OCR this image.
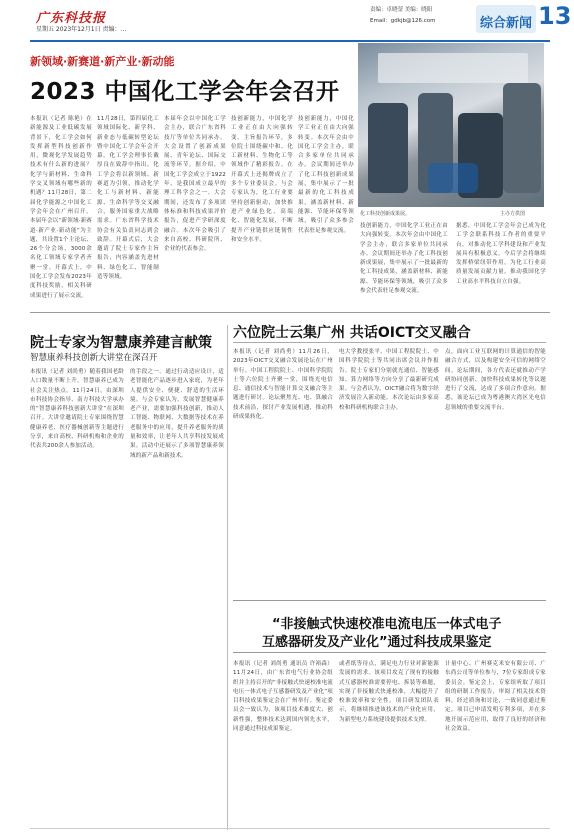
广东科技报
星期五 2023年12月1日 责编：…
责编：卓晓蓥 美编：晓阳
Email：gdkjb@126.com	综合新闻 13
新领域·新赛道·新产业·新动能
2023 中国化工学会年会召开
化工科技创新成果展。	主办方供图
本报讯（记者 陈艳）在新能源及工业低碳发展背景下，化工学会如何发挥新型科技创新作用，微观化学发展趋势技术有什么新的进展？化学与新材料、生命科学交叉领域有哪些新的机遇？11月28日，第二届化学能源之中国化工学会年会在广州召开。本届年会以“新领域·新赛道·新产业·新动能”为主题，共设置1个主论坛、26个分会场，3000余名化工领域专家学者齐聚一堂。开幕式上，中国化工学会发布2023年度科技奖励，相关科研成果进行了展示交流。
11月28日，第四届化工领域国际化、新学科、新业态与低碳转型论坛暨中国化工学会年会开幕。化工学会理事长戴厚良在致辞中指出，化工学会将以新领域、新赛道为引领，推动化学化工与新材料、新能源、生命科学等交叉融合，服务国家重大战略需求。广东省科学技术协会有关负责同志到会致辞。开幕式后，大会邀请了院士专家作主旨报告，内容涵盖先进材料、绿色化工、智能制造等领域。
本届年会以中国化工学会主办，联合广东省科技厅等单位共同承办。大会设置了创新成果展、青年论坛、国际交流等环节。据介绍，中国化工学会成立于1922年，是我国成立最早的理工科学会之一。大会期间，还发布了多项团体标准和科技成果评价报告，促进产学研深度融合。本次年会吸引了来自高校、科研院所、企业的代表参会。
技创新能力，中国化学工业正在由大向强转变。主旨报告环节，多位院士围绕碳中和、化工新材料、生物化工等领域作了精彩报告。在开幕式上还揭牌成立了多个专业委员会。与会专家认为，化工行业要坚持创新驱动，加快推进产业绿色化、高端化、智能化发展，不断提升产业链供应链韧性和安全水平。
技创新能力，中国化学工业正在由大向强转变。本次年会由中国化工学会主办，联合多家单位共同承办。会议期间还举办了化工科技创新成果展，集中展示了一批最新的化工科技成果，涵盖新材料、新能源、节能环保等领域，吸引了众多参会代表驻足参观交流。
技创新能力，中国化学工业正在由大向强转变。本次年会由中国化工学会主办，联合多家单位共同承办。会议期间还举办了化工科技创新成果展，集中展示了一批最新的化工科技成果，涵盖新材料、新能源、节能环保等领域，吸引了众多参会代表驻足参观交流。
据悉，中国化工学会年会已成为化工学会联系科技工作者的重要平台，对推动化工学科建设和产业发展具有积极意义。今后学会将继续发挥桥梁纽带作用，为化工行业高质量发展贡献力量，推动我国化学工业高水平科技自立自强。
院士专家为智慧康养建言献策
智慧康养科技创新大讲堂在深召开
本报讯（记者 刘尚勇）随着我国老龄人口数量不断上升，智慧康养已成为社会关注热点。11月24日，由深圳市科技协会指导、南方科技大学承办的“智慧康养科技创新大讲堂”在深圳召开。大讲堂邀请院士专家围绕智慧健康养老、医疗器械创新等主题进行分享，来自高校、科研机构和企业的代表共200余人参加活动。
的手段之一。通过行动适应设计，适老智能化产品逐步进入家庭，为老年人提供安全、便捷、舒适的生活环境。与会专家认为，发展智慧健康养老产业，需要加强科技创新，推动人工智能、物联网、大数据等技术在养老服务中的应用，提升养老服务的质量和效率，让老年人共享科技发展成果。活动中还展示了多项智慧康养领域的新产品和新技术。
六位院士云集广州 共话OICT交叉融合
本报讯（记者 刘尚勇）11月26日，2023年OICT交叉融合发展论坛在广州举行。中国工程院院士、中国科学院院士等六位院士齐聚一堂，围绕光电信息、通信技术与智能计算交叉融合等主题进行研讨。论坛聚焦光、电、算融合技术前沿，探讨产业发展机遇，推动科研成果转化。
电大学教授张平，中国工程院院士、中国科学院院士等共同出席会议并作报告。院士专家们分别就光通信、智能感知、算力网络等方向分享了最新研究成果。与会者认为，OICT融合将为数字经济发展注入新动能。本次论坛由多家高校和科研机构联合主办。
点，面向工业互联网的计算通信的智能融合方式，以及构建安全可信的网络空间。论坛期间，各方代表还就推动产学研协同创新、加快科技成果转化等议题进行了交流，达成了多项合作意向。据悉，该论坛已成为粤港澳大湾区光电信息领域的重要交流平台。
“非接触式快速校准电流电压一体式电子
互感器研发及产业化”通过科技成果鉴定
本报讯（记者 刘尚勇 通讯员 许裕森）11月24日，由广东省电气行业协会组织并主持召开的“非接触式快速校准电流电压一体式电子互感器研发及产业化”项目科技成果鉴定会在广州举行。鉴定委员会一致认为，该项目技术难度大、创新性强，整体技术达到国内领先水平，同意通过科技成果鉴定。
或者纸等待点，满足电力行业对新能源发展的需求。该项目攻克了现有的接触式互感器校准需要停电、拆装等难题，实现了非接触式快速校准，大幅提升了校准效率和安全性。项目研发团队表示，将继续推进该技术的产业化应用，为新型电力系统建设提供技术支撑。
计量中心、广州赛克米安有限公司、广东尚公司等单位参与，7位专家组成专家委员会。鉴定会上，专家组听取了项目组的研制工作报告，审阅了相关技术资料，经过质询和讨论，一致同意通过鉴定。项目已申请发明专利多项，并在多地开展示范应用，取得了良好的经济和社会效益。
